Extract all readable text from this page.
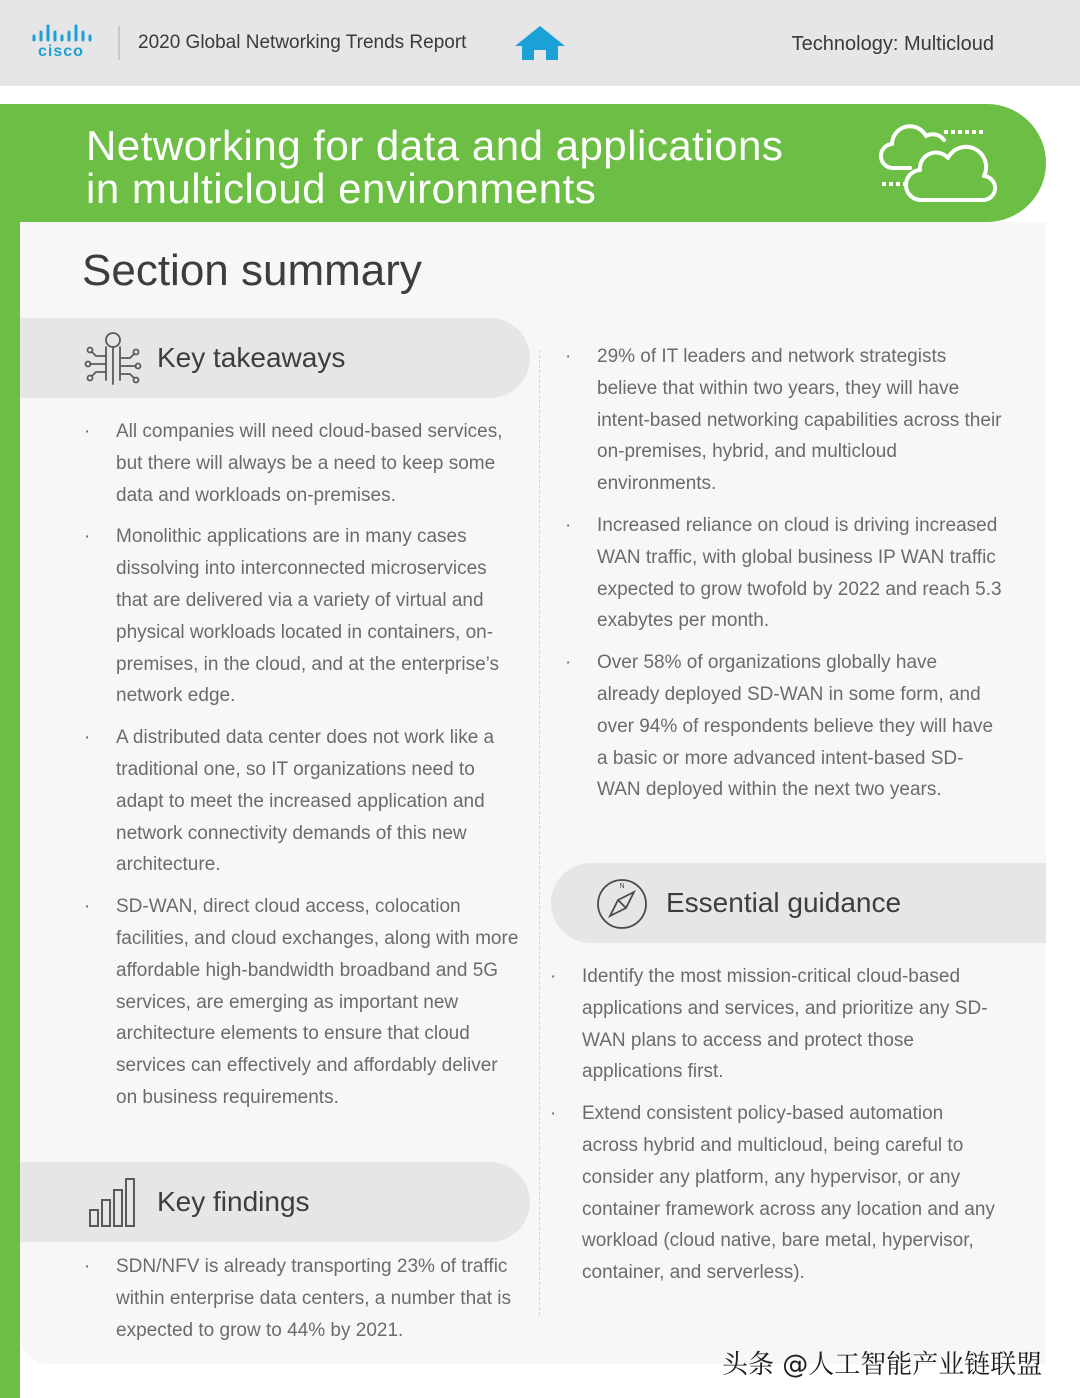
cisco	2020 Global Networking Trends Report	Technology: Multicloud
Networking for data and applications
in multicloud environments
Section summary
Key takeaways
· All companies will need cloud-based services, but there will always be a need to keep some data and workloads on-premises.
· Monolithic applications are in many cases dissolving into interconnected microservices that are delivered via a variety of virtual and physical workloads located in containers, on-premises, in the cloud, and at the enterprise’s network edge.
· A distributed data center does not work like a traditional one, so IT organizations need to adapt to meet the increased application and network connectivity demands of this new architecture.
· SD-WAN, direct cloud access, colocation facilities, and cloud exchanges, along with more affordable high-bandwidth broadband and 5G services, are emerging as important new architecture elements to ensure that cloud services can effectively and affordably deliver on business requirements.
Key findings
· SDN/NFV is already transporting 23% of traffic within enterprise data centers, a number that is expected to grow to 44% by 2021.
· 29% of IT leaders and network strategists believe that within two years, they will have intent-based networking capabilities across their on-premises, hybrid, and multicloud environments.
· Increased reliance on cloud is driving increased WAN traffic, with global business IP WAN traffic expected to grow twofold by 2022 and reach 5.3 exabytes per month.
· Over 58% of organizations globally have already deployed SD-WAN in some form, and over 94% of respondents believe they will have a basic or more advanced intent-based SD-WAN deployed within the next two years.
N
Essential guidance
· Identify the most mission-critical cloud-based applications and services, and prioritize any SD-WAN plans to access and protect those applications first.
· Extend consistent policy-based automation across hybrid and multicloud, being careful to consider any platform, any hypervisor, or any container framework across any location and any workload (cloud native, bare metal, hypervisor, container, and serverless).
头条 @人工智能产业链联盟
